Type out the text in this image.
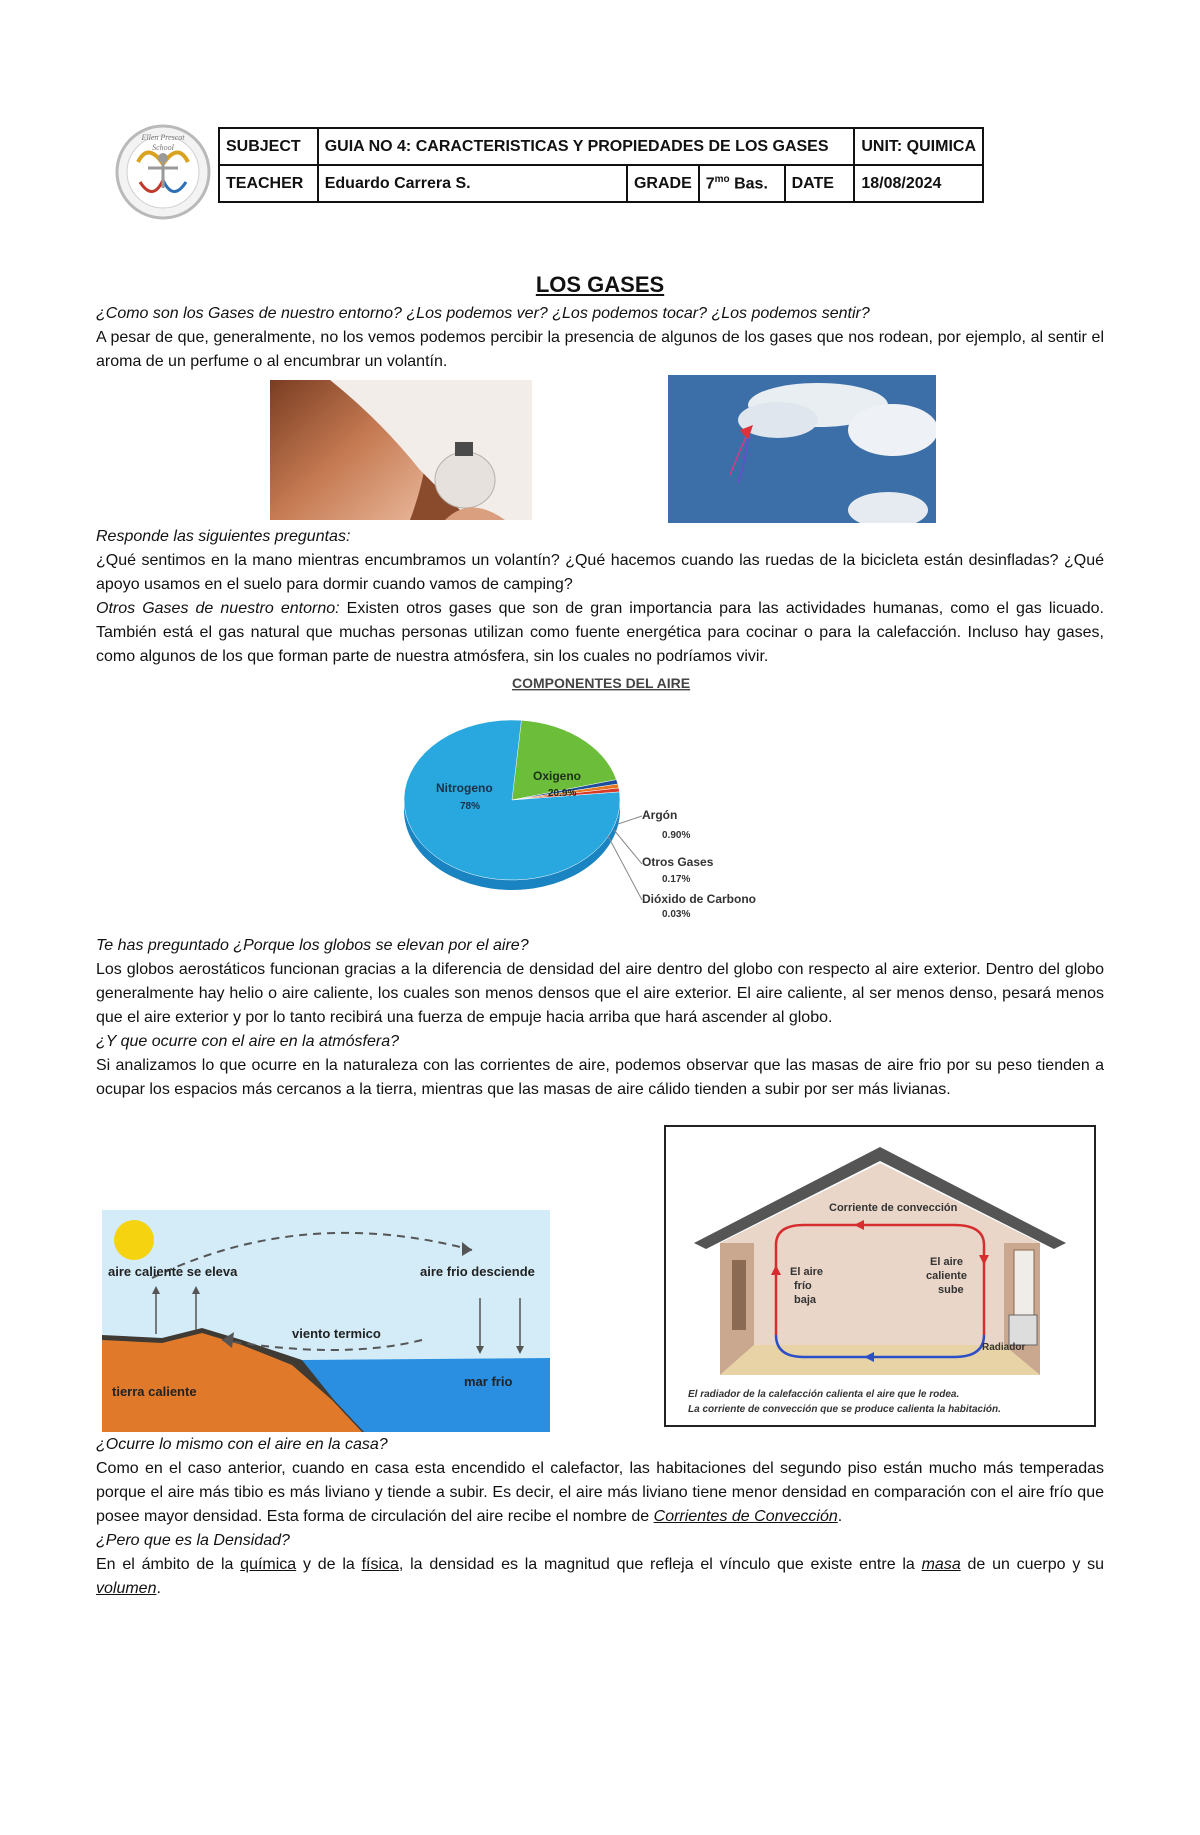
Ellen Prescot
School	SUBJECT	GUIA NO 4: CARACTERISTICAS Y PROPIEDADES DE LOS GASES				UNIT: QUIMICA
TEACHER	Eduardo Carrera S.	GRADE	$7^{mo}$ Bas.	DATE	18/08/2024
LOS GASES

¿Como son los Gases de nuestro entorno? ¿Los podemos ver? ¿Los podemos tocar? ¿Los podemos sentir?

A pesar de que, generalmente, no los vemos podemos percibir la presencia de algunos de los gases que nos rodean, por ejemplo, al sentir el aroma de un perfume o al encumbrar un volantín.

Responde las siguientes preguntas:

¿Qué sentimos en la mano mientras encumbramos un volantín? ¿Qué hacemos cuando las ruedas de la bicicleta están desinfladas? ¿Qué apoyo usamos en el suelo para dormir cuando vamos de camping?

Otros Gases de nuestro entorno: Existen otros gases que son de gran importancia para las actividades humanas, como el gas licuado. También está el gas natural que muchas personas utilizan como fuente energética para cocinar o para la calefacción. Incluso hay gases, como algunos de los que forman parte de nuestra atmósfera, sin los cuales no podríamos vivir.

COMPONENTES DEL AIRE
Nitrogeno
78%
Oxigeno
20.9%
Argón
0.90%
Otros Gases
0.17%
Dióxido de Carbono
0.03%

Te has preguntado ¿Porque los globos se elevan por el aire?

Los globos aerostáticos funcionan gracias a la diferencia de densidad del aire dentro del globo con respecto al aire exterior. Dentro del globo generalmente hay helio o aire caliente, los cuales son menos densos que el aire exterior. El aire caliente, al ser menos denso, pesará menos que el aire exterior y por lo tanto recibirá una fuerza de empuje hacia arriba que hará ascender al globo.

¿Y que ocurre con el aire en la atmósfera?

Si analizamos lo que ocurre en la naturaleza con las corrientes de aire, podemos observar que las masas de aire frio por su peso tienden a ocupar los espacios más cercanos a la tierra, mientras que las masas de aire cálido tienden a subir por ser más livianas.

aire caliente se eleva	aire frio desciende
viento termico
tierra caliente
mar frio
Corriente de convección
El aire
frío
baja
El aire
caliente
sube
Radiador
El radiador de la calefacción calienta el aire que le rodea.
La corriente de convección que se produce calienta la habitación.

¿Ocurre lo mismo con el aire en la casa?

Como en el caso anterior, cuando en casa esta encendido el calefactor, las habitaciones del segundo piso están mucho más temperadas porque el aire más tibio es más liviano y tiende a subir. Es decir, el aire más liviano tiene menor densidad en comparación con el aire frío que posee mayor densidad. Esta forma de circulación del aire recibe el nombre de Corrientes de Convección.

¿Pero que es la Densidad?

En el ámbito de la química y de la física, la densidad es la magnitud que refleja el vínculo que existe entre la masa de un cuerpo y su volumen.
